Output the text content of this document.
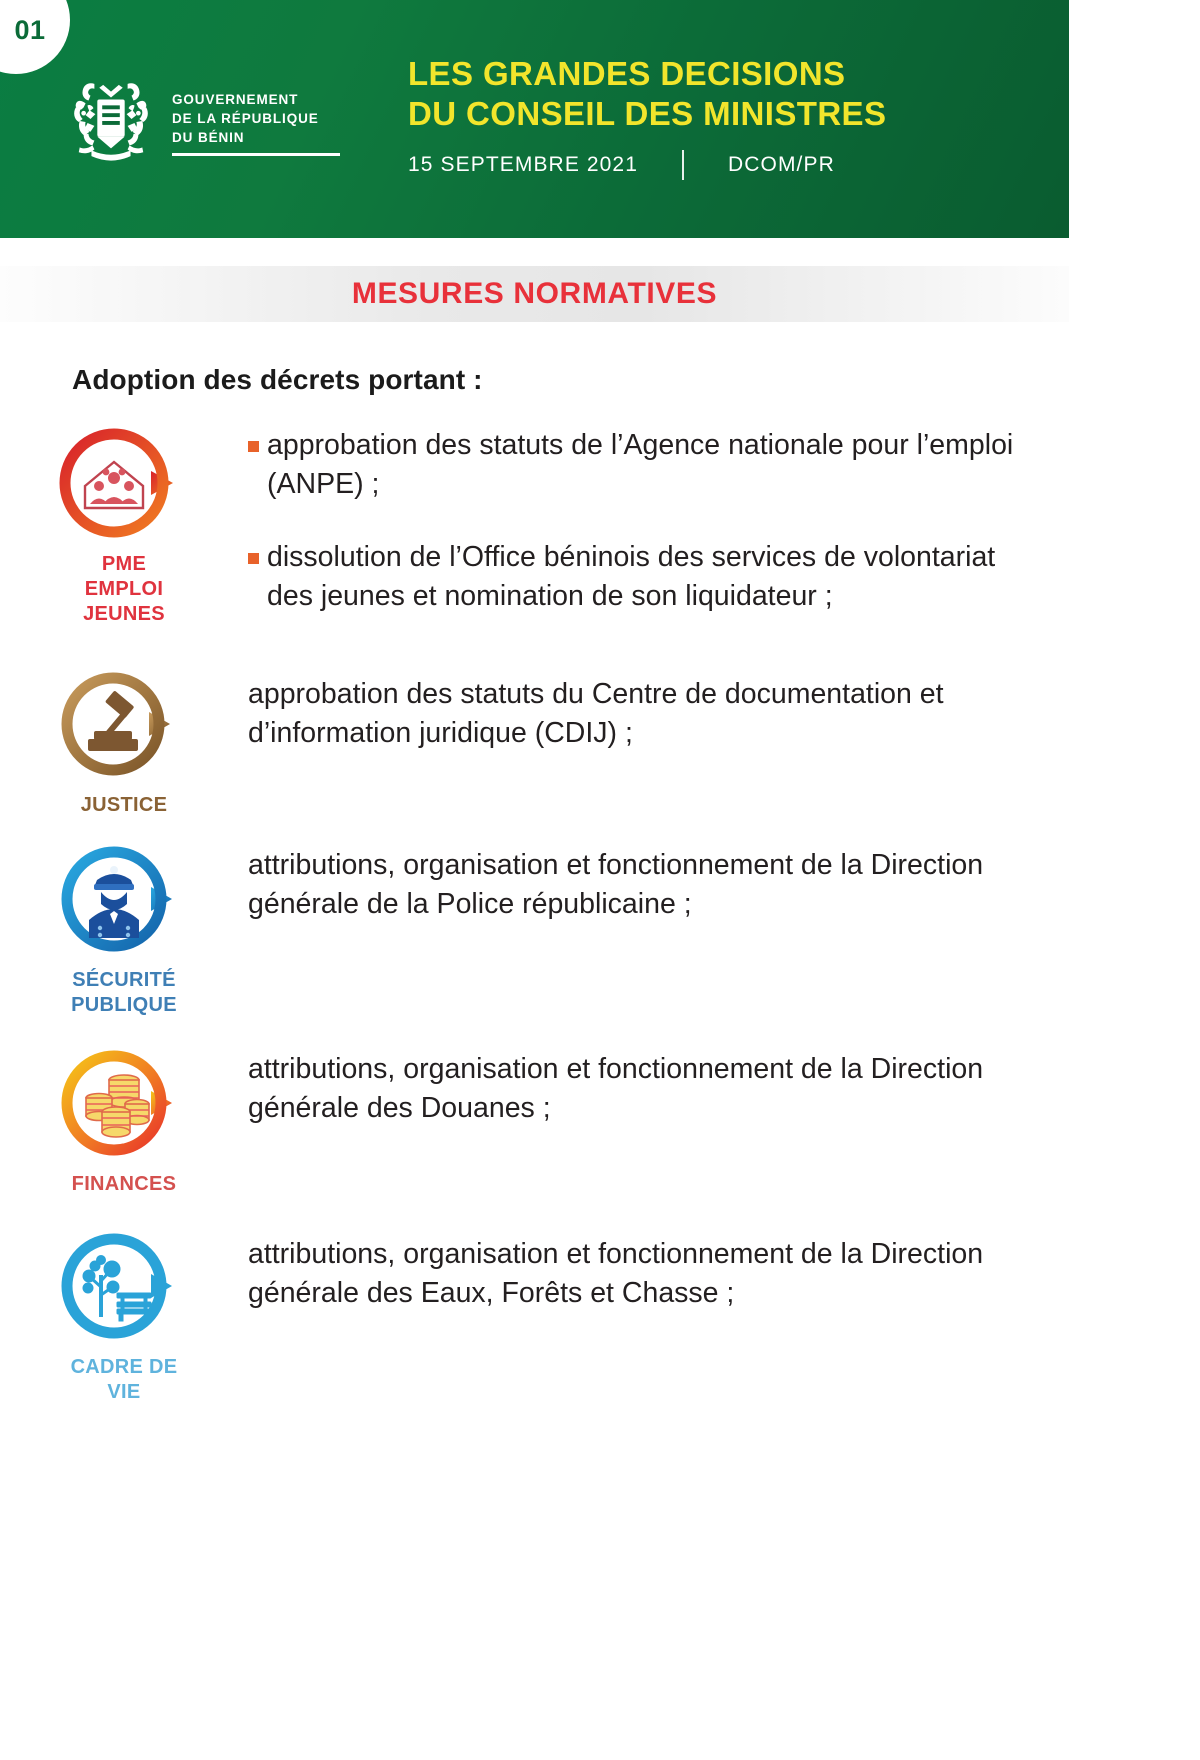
01
GOUVERNEMENT
DE LA RÉPUBLIQUE
DU BÉNIN
LES GRANDES DECISIONS
DU CONSEIL DES MINISTRES
15 SEPTEMBRE 2021	DCOM/PR
MESURES NORMATIVES
Adoption des décrets portant :
PME
EMPLOI
JEUNES
approbation des statuts de l’Agence nationale pour l’emploi (ANPE) ;
dissolution de l’Office béninois des services de volontariat des jeunes et nomination de son liquidateur ;
JUSTICE
approbation des statuts du Centre de documentation et d’information juridique (CDIJ) ;
SÉCURITÉ
PUBLIQUE
attributions, organisation et fonctionnement de la Direction générale de la Police républicaine ;
FINANCES
attributions, organisation et fonctionnement de la Direction générale des Douanes ;
CADRE DE
VIE
attributions, organisation et fonctionnement de la Direction générale des Eaux, Forêts et Chasse ;
